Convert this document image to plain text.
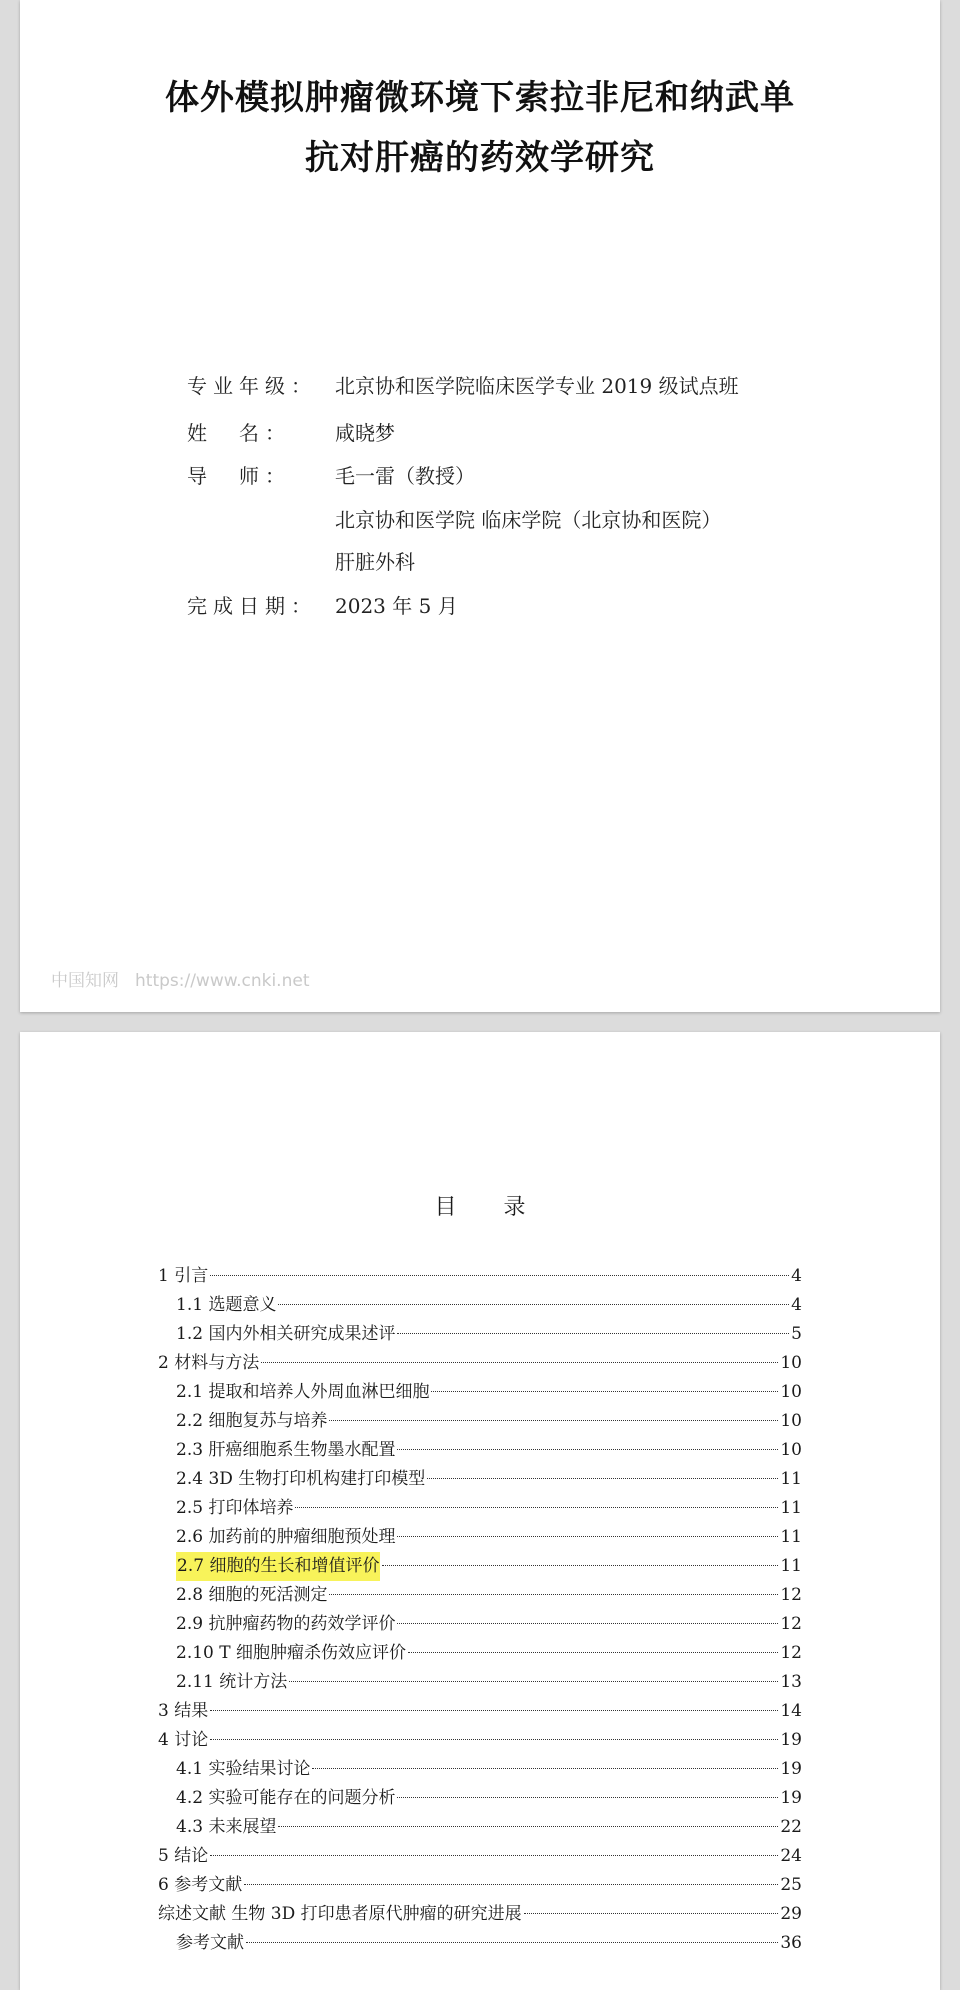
体外模拟肿瘤微环境下索拉非尼和纳武单
抗对肝癌的药效学研究
专业年级： 北京协和医学院临床医学专业 2019 级试点班
姓　名：	咸晓梦
导　师：	毛一雷（教授）
北京协和医学院 临床学院（北京协和医院）
肝脏外科
完成日期： 2023 年 5 月
中国知网 https://www.cnki.net
目 录
1 引言	4
1.1 选题意义	4
1.2 国内外相关研究成果述评	5
2 材料与方法	10
2.1 提取和培养人外周血淋巴细胞	10
2.2 细胞复苏与培养	10
2.3 肝癌细胞系生物墨水配置	10
2.4 3D 生物打印机构建打印模型	11
2.5 打印体培养	11
2.6 加药前的肿瘤细胞预处理	11
2.7 细胞的生长和增值评价	11
2.8 细胞的死活测定	12
2.9 抗肿瘤药物的药效学评价	12
2.10 T 细胞肿瘤杀伤效应评价	12
2.11 统计方法	13
3 结果	14
4 讨论	19
4.1 实验结果讨论	19
4.2 实验可能存在的问题分析	19
4.3 未来展望	22
5 结论	24
6 参考文献	25
综述文献 生物 3D 打印患者原代肿瘤的研究进展	29
参考文献	36
